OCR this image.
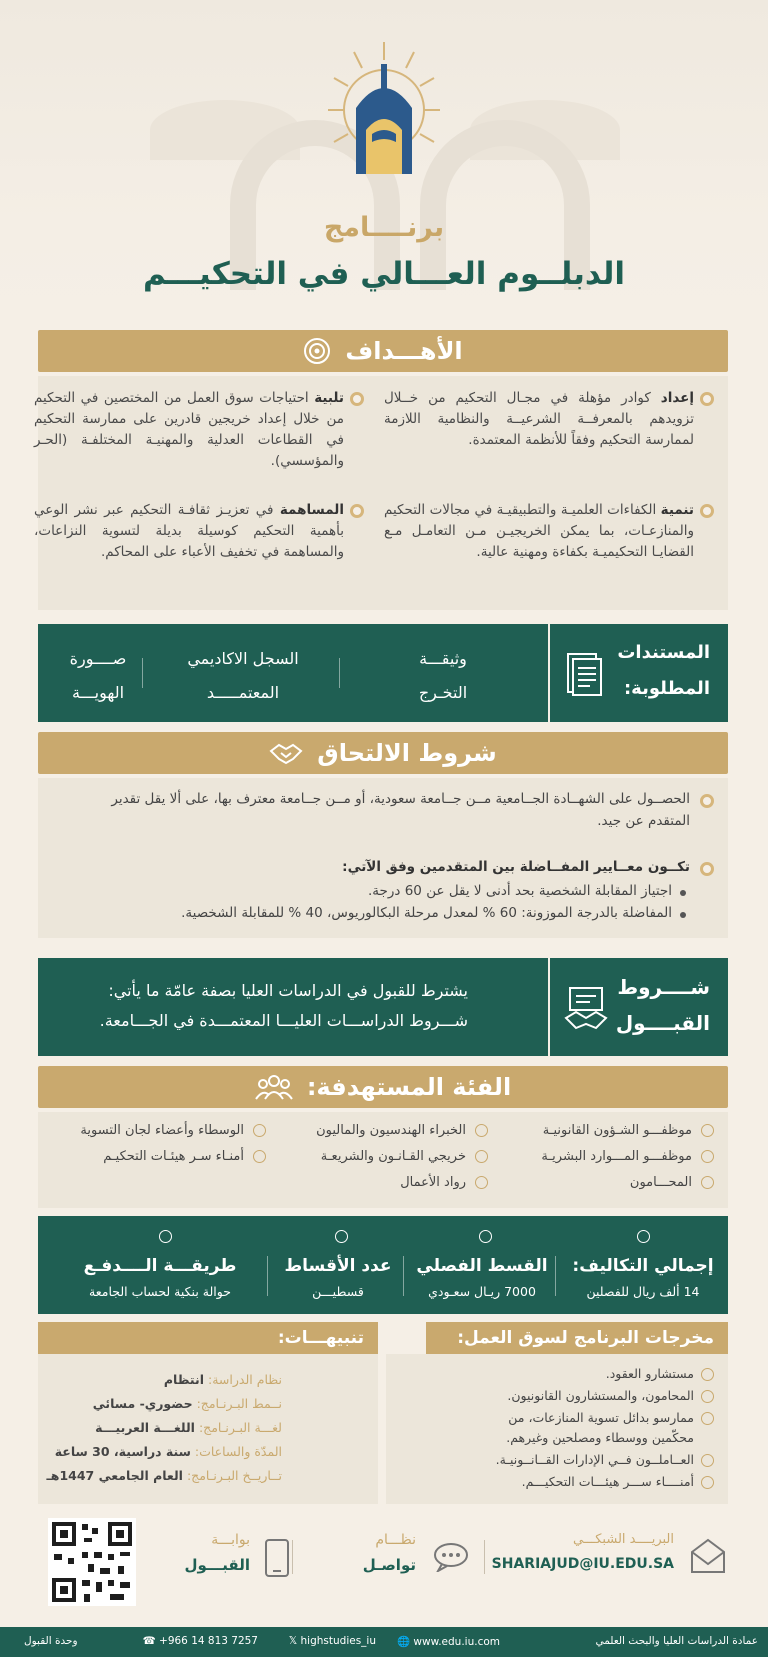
برنــــامج
الدبلــوم العـــالي في التحكيـــم
الأهـــداف
إعداد كوادر مؤهلة في مجـال التحكيم من خــلال تزويدهم بالمعرفــة الشرعيــة والنظامية اللازمة لممارسة التحكيم وفقاً للأنظمة المعتمدة.
تلبية احتياجات سوق العمل من المختصين في التحكيم من خلال إعداد خريجين قادرين على ممارسة التحكيم في القطاعات العدلية والمهنيـة المختلفـة (الحـر والمؤسسي).
تنمية الكفاءات العلميـة والتطبيقيـة في مجالات التحكيم والمنازعـات، بما يمكن الخريجيـن مـن التعامـل مـع القضايـا التحكيميـة بكفاءة ومهنية عالية.
المساهمة في تعزيـز ثقافـة التحكيم عبر نشر الوعي بأهمية التحكيم كوسيلة بديلة لتسوية النزاعات، والمساهمة في تخفيف الأعباء على المحاكم.
المستندات
المطلوبة:
وثيقـــة
التخـرج
السجل الاكاديمي
المعتمـــــد
صــــورة
الهويـــة
شروط الالتحاق
الحصــول على الشهــادة الجــامعية مــن جــامعة سعودية، أو مــن جــامعة معترف بها، على ألا يقل تقدير المتقدم عن جيد.
تكــون معــايير المفــاضلة بين المتقدمين وفق الآتي:
اجتياز المقابلة الشخصية بحد أدنى لا يقل عن 60 درجة.
المفاضلة بالدرجة الموزونة: 60 % لمعدل مرحلة البكالوريوس، 40 % للمقابلة الشخصية.
شــــروط
القبــــول
يشترط للقبول في الدراسات العليا بصفة عامّة ما يأتي:
شـــروط الدراســـات العليـــا المعتمـــدة في الجـــامعة.
الفئة المستهدفة:
موظفـــو الشـؤون القانونيـة
موظفـــو المـــوارد البشريـة
المحـــامون
الخبراء الهندسيون والماليون
خريجي القـانـون والشريعـة
رواد الأعمال
الوسطاء وأعضاء لجان التسوية
أمنـاء سـر هيئـات التحكيـم
إجمالي التكاليف:
14 ألف ريال للفصلين
القسط الفصلي
7000 ريـال سعـودي
عدد الأقساط
قسطيـــن
طريقـــة الــــدفـع
حوالة بنكية لحساب الجامعة
مخرجات البرنامج لسوق العمل:
مستشارو العقود.
المحامون، والمستشارون القانونيون.
ممارسو بدائل تسوية المنازعات، من
محكّمين ووسطاء ومصلحين وغيرهم.
العــاملــون فــي الإدارات القــانــونيـة.
أمنــــاء ســـر هيئـــات التحكيـــم.
تنبيهـــات:
نظام الدراسة: انتظام
نــمط البـرنـامج: حضوري- مسائي
لغـــة البـرنـامج: اللغـــة العربيـــة
المدّة والساعات: سنة دراسية، 30 ساعة
تــاريــخ البـرنـامج: العام الجامعي 1447هـ
البريــــد الشبكـــي
SHARIAJUD@IU.EDU.SA
نظـــام
تواصـل
بوابـــة
القبـــول
عمادة الدراسات العليا والبحث العلمي
🌐 www.edu.iu.com
𝕏 highstudies_iu
☎ +966 14 813 7257
وحدة القبول
